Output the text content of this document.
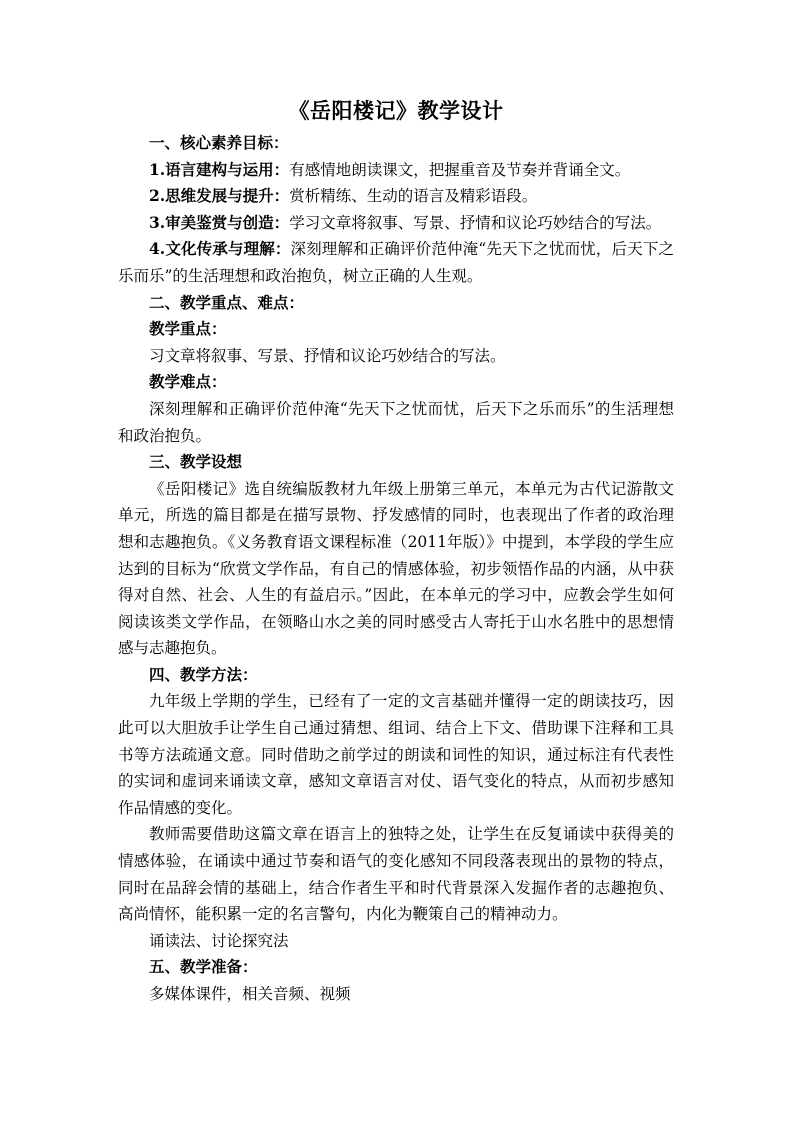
《岳阳楼记》教学设计

一、核心素养目标：

1.语言建构与运用：有感情地朗读课文，把握重音及节奏并背诵全文。

2.思维发展与提升：赏析精练、生动的语言及精彩语段。

3.审美鉴赏与创造：学习文章将叙事、写景、抒情和议论巧妙结合的写法。

4.文化传承与理解：深刻理解和正确评价范仲淹“先天下之忧而忧，后天下之乐而乐”的生活理想和政治抱负，树立正确的人生观。

二、教学重点、难点：

教学重点：

习文章将叙事、写景、抒情和议论巧妙结合的写法。

教学难点：

深刻理解和正确评价范仲淹“先天下之忧而忧，后天下之乐而乐”的生活理想和政治抱负。

三、教学设想

《岳阳楼记》选自统编版教材九年级上册第三单元，本单元为古代记游散文单元，所选的篇目都是在描写景物、抒发感情的同时，也表现出了作者的政治理想和志趣抱负。《义务教育语文课程标准（2011年版）》中提到，本学段的学生应达到的目标为“欣赏文学作品，有自己的情感体验，初步领悟作品的内涵，从中获得对自然、社会、人生的有益启示。”因此，在本单元的学习中，应教会学生如何阅读该类文学作品，在领略山水之美的同时感受古人寄托于山水名胜中的思想情感与志趣抱负。

四、教学方法：

九年级上学期的学生，已经有了一定的文言基础并懂得一定的朗读技巧，因此可以大胆放手让学生自己通过猜想、组词、结合上下文、借助课下注释和工具书等方法疏通文意。同时借助之前学过的朗读和词性的知识，通过标注有代表性的实词和虚词来诵读文章，感知文章语言对仗、语气变化的特点，从而初步感知作品情感的变化。

教师需要借助这篇文章在语言上的独特之处，让学生在反复诵读中获得美的情感体验，在诵读中通过节奏和语气的变化感知不同段落表现出的景物的特点，同时在品辞会情的基础上，结合作者生平和时代背景深入发掘作者的志趣抱负、高尚情怀，能积累一定的名言警句，内化为鞭策自己的精神动力。

诵读法、讨论探究法

五、教学准备：

多媒体课件，相关音频、视频
